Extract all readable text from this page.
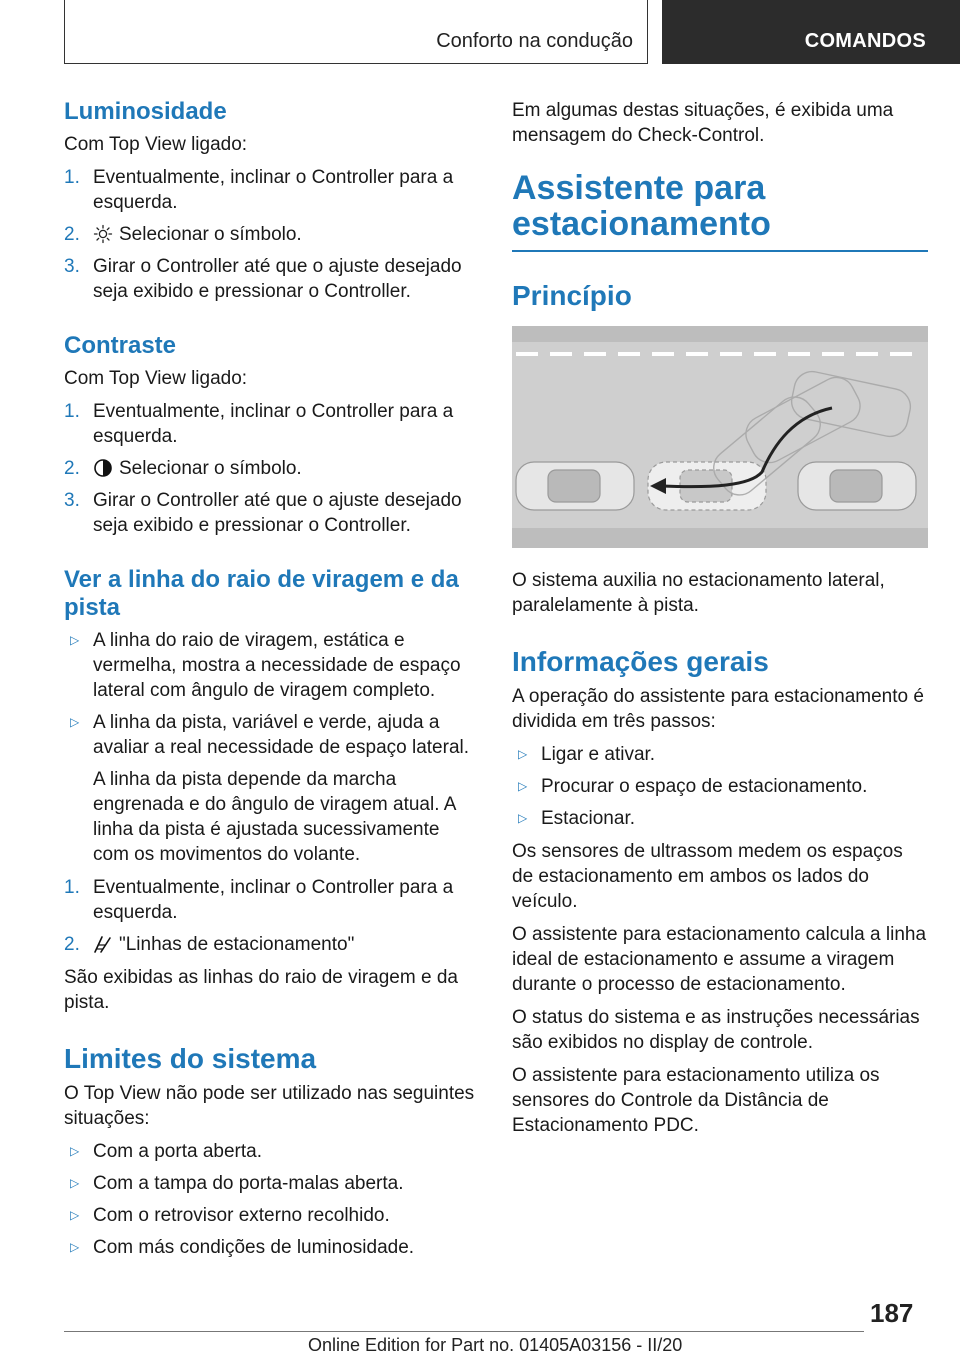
Conforto na condução	COMANDOS
Luminosidade

Com Top View ligado:

1. Eventualmente, inclinar o Controller para a esquerda.
2. Selecionar o símbolo.
3. Girar o Controller até que o ajuste desejado seja exibido e pressionar o Controller.
Contraste

Com Top View ligado:

1. Eventualmente, inclinar o Controller para a esquerda.
2. Selecionar o símbolo.
3. Girar o Controller até que o ajuste desejado seja exibido e pressionar o Controller.
Ver a linha do raio de viragem e da pista
▷ A linha do raio de viragem, estática e vermelha, mostra a necessidade de espaço lateral com ângulo de viragem completo.
▷ A linha da pista, variável e verde, ajuda a avaliar a real necessidade de espaço lateral.
A linha da pista depende da marcha engrenada e do ângulo de viragem atual. A linha da pista é ajustada sucessivamente com os movimentos do volante.
1. Eventualmente, inclinar o Controller para a esquerda.
2. "Linhas de estacionamento"

São exibidas as linhas do raio de viragem e da pista.

Limites do sistema

O Top View não pode ser utilizado nas seguintes situações:

▷ Com a porta aberta.
▷ Com a tampa do porta-malas aberta.
▷ Com o retrovisor externo recolhido.
▷ Com más condições de luminosidade.

Em algumas destas situações, é exibida uma mensagem do Check-Control.

Assistente para estacionamento
Princípio

O sistema auxilia no estacionamento lateral, paralelamente à pista.

Informações gerais

A operação do assistente para estacionamento é dividida em três passos:

▷ Ligar e ativar.
▷ Procurar o espaço de estacionamento.
▷ Estacionar.

Os sensores de ultrassom medem os espaços de estacionamento em ambos os lados do veículo.

O assistente para estacionamento calcula a linha ideal de estacionamento e assume a viragem durante o processo de estacionamento.

O status do sistema e as instruções necessárias são exibidos no display de controle.

O assistente para estacionamento utiliza os sensores do Controle da Distância de Estacionamento PDC.

187
Online Edition for Part no. 01405A03156 - II/20
